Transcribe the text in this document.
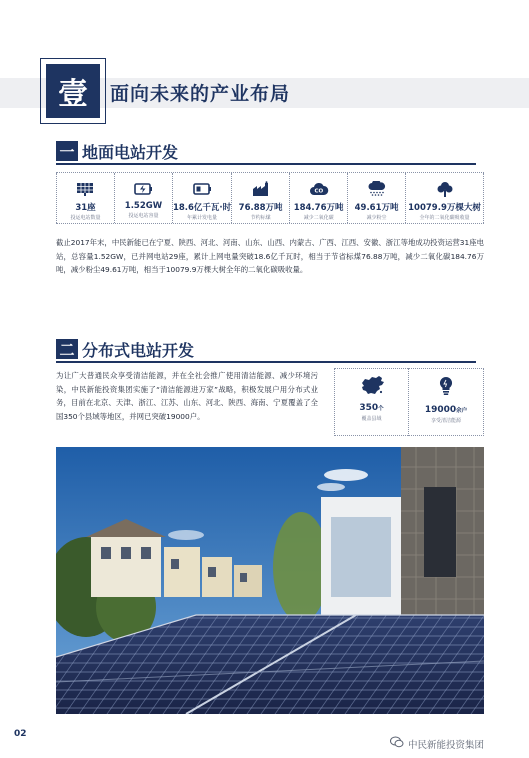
壹	面向未来的产业布局
一 地面电站开发
31座
投运电站数量
1.52GW
投运电站容量
18.6亿千瓦·时
年累计发电量
76.88万吨
节约标煤
CO
184.76万吨
减少二氧化碳
49.61万吨
减少粉尘
10079.9万棵大树
全年的二氧化碳吸收量
截止2017年末，中民新能已在宁夏、陕西、河北、河南、山东、山西、内蒙古、广西、江西、安徽、浙江等地成功投资运营31座电站，总容量1.52GW，已并网电站29座，累计上网电量突破18.6亿千瓦时，相当于节省标煤76.88万吨，减少二氧化碳184.76万吨，减少粉尘49.61万吨，相当于10079.9万棵大树全年的二氧化碳吸收量。
二 分布式电站开发
为让广大普通民众享受清洁能源，并在全社会推广使用清洁能源、减少环境污染，中民新能投资集团实施了“清洁能源进万家”战略，积极发展户用分布式业务，目前在北京、天津、浙江、江苏、山东、河北、陕西、海南、宁夏覆盖了全国350个县域等地区，并网已突破19000户。
350个
覆盖县域
19000余户
享受清洁能源
02
中民新能投资集团
